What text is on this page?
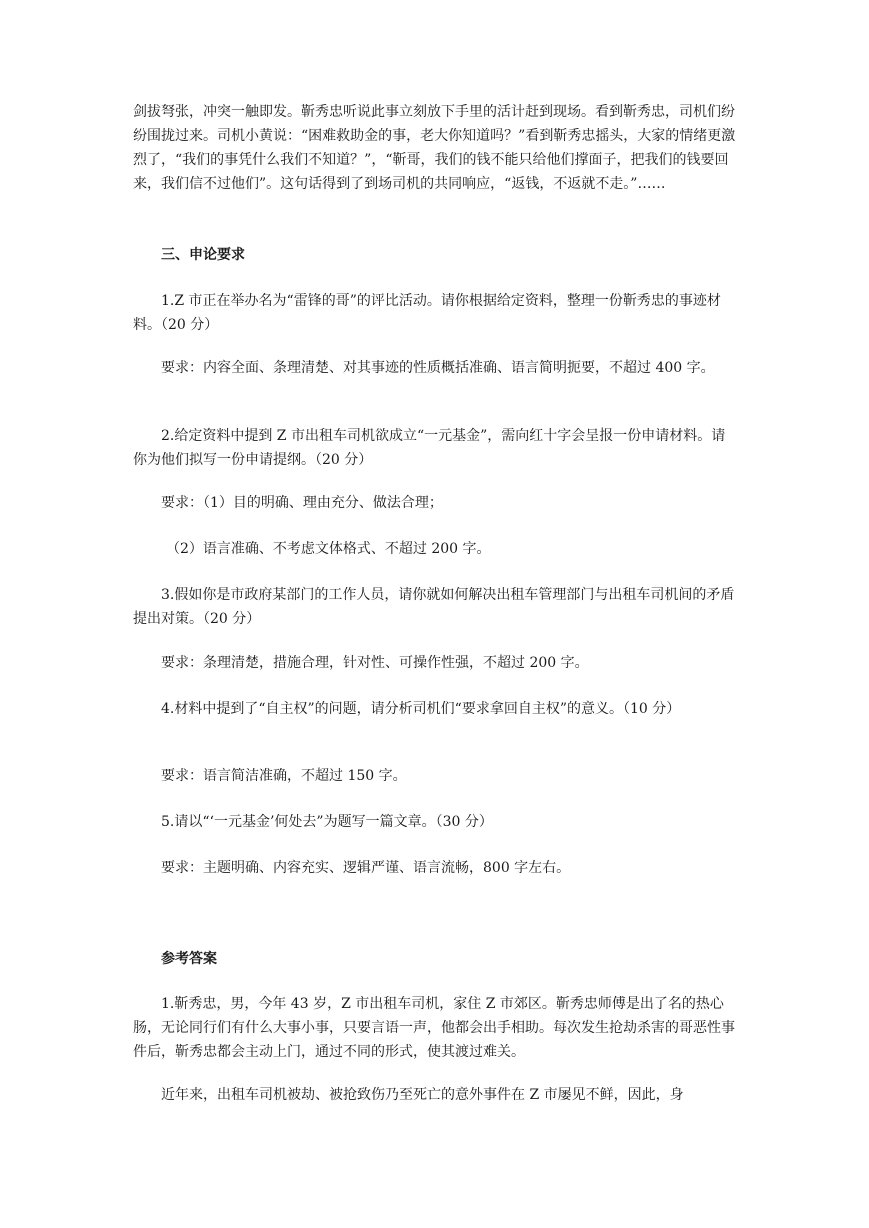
剑拔弩张，冲突一触即发。靳秀忠听说此事立刻放下手里的活计赶到现场。看到靳秀忠，司机们纷纷围拢过来。司机小黄说：“困难救助金的事，老大你知道吗？”看到靳秀忠摇头，大家的情绪更激烈了，“我们的事凭什么我们不知道？”，“靳哥，我们的钱不能只给他们撑面子，把我们的钱要回来，我们信不过他们”。这句话得到了到场司机的共同响应，“返钱，不返就不走。”……

三、申论要求

1.Z 市正在举办名为“雷锋的哥”的评比活动。请你根据给定资料，整理一份靳秀忠的事迹材料。（20 分）

要求：内容全面、条理清楚、对其事迹的性质概括准确、语言简明扼要，不超过 400 字。

2.给定资料中提到 Z 市出租车司机欲成立“一元基金”，需向红十字会呈报一份申请材料。请你为他们拟写一份申请提纲。（20 分）

要求：（1）目的明确、理由充分、做法合理；

（2）语言准确、不考虑文体格式、不超过 200 字。

3.假如你是市政府某部门的工作人员，请你就如何解决出租车管理部门与出租车司机间的矛盾提出对策。（20 分）

要求：条理清楚，措施合理，针对性、可操作性强，不超过 200 字。

4.材料中提到了“自主权”的问题，请分析司机们“要求拿回自主权”的意义。（10 分）

要求：语言简洁准确，不超过 150 字。

5.请以“‘一元基金’何处去”为题写一篇文章。（30 分）

要求：主题明确、内容充实、逻辑严谨、语言流畅，800 字左右。

参考答案

1.靳秀忠，男，今年 43 岁，Z 市出租车司机，家住 Z 市郊区。靳秀忠师傅是出了名的热心肠，无论同行们有什么大事小事，只要言语一声，他都会出手相助。每次发生抢劫杀害的哥恶性事件后，靳秀忠都会主动上门，通过不同的形式，使其渡过难关。

近年来，出租车司机被劫、被抢致伤乃至死亡的意外事件在 Z 市屡见不鲜，因此，身
